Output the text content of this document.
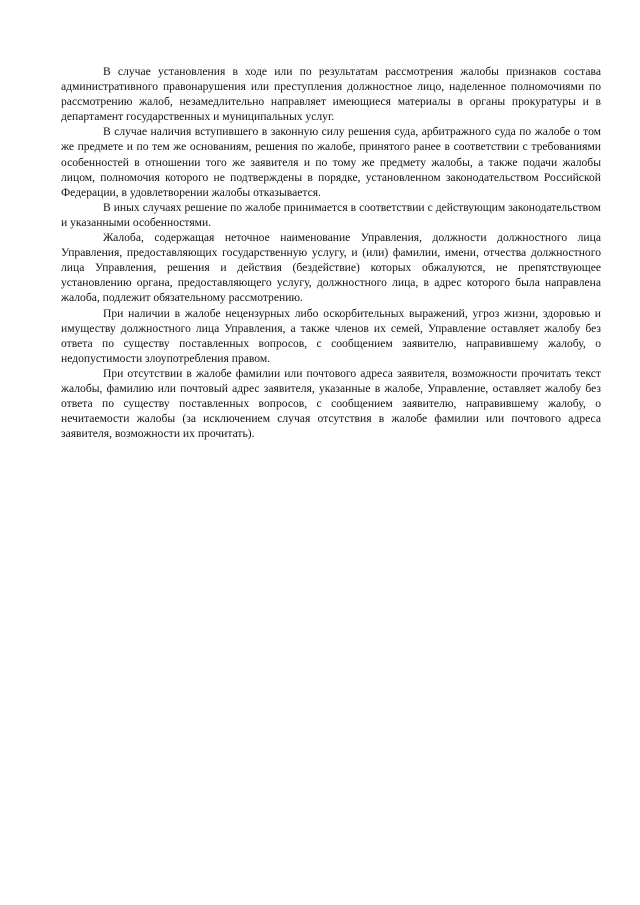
В случае установления в ходе или по результатам рассмотрения жалобы признаков состава административного правонарушения или преступления должностное лицо, наделенное полномочиями по рассмотрению жалоб, незамедлительно направляет имеющиеся материалы в органы прокуратуры и в департамент государственных и муниципальных услуг.

В случае наличия вступившего в законную силу решения суда, арбитражного суда по жалобе о том же предмете и по тем же основаниям, решения по жалобе, принятого ранее в соответствии с требованиями особенностей в отношении того же заявителя и по тому же предмету жалобы, а также подачи жалобы лицом, полномочия которого не подтверждены в порядке, установленном законодательством Российской Федерации, в удовлетворении жалобы отказывается.

В иных случаях решение по жалобе принимается в соответствии с действующим законодательством и указанными особенностями.

Жалоба, содержащая неточное наименование Управления, должности должностного лица Управления, предоставляющих государственную услугу, и (или) фамилии, имени, отчества должностного лица Управления, решения и действия (бездействие) которых обжалуются, не препятствующее установлению органа, предоставляющего услугу, должностного лица, в адрес которого была направлена жалоба, подлежит обязательному рассмотрению.

При наличии в жалобе нецензурных либо оскорбительных выражений, угроз жизни, здоровью и имуществу должностного лица Управления, а также членов их семей, Управление оставляет жалобу без ответа по существу поставленных вопросов, с сообщением заявителю, направившему жалобу, о недопустимости злоупотребления правом.

При отсутствии в жалобе фамилии или почтового адреса заявителя, возможности прочитать текст жалобы, фамилию или почтовый адрес заявителя, указанные в жалобе, Управление, оставляет жалобу без ответа по существу поставленных вопросов, с сообщением заявителю, направившему жалобу, о нечитаемости жалобы (за исключением случая отсутствия в жалобе фамилии или почтового адреса заявителя, возможности их прочитать).
